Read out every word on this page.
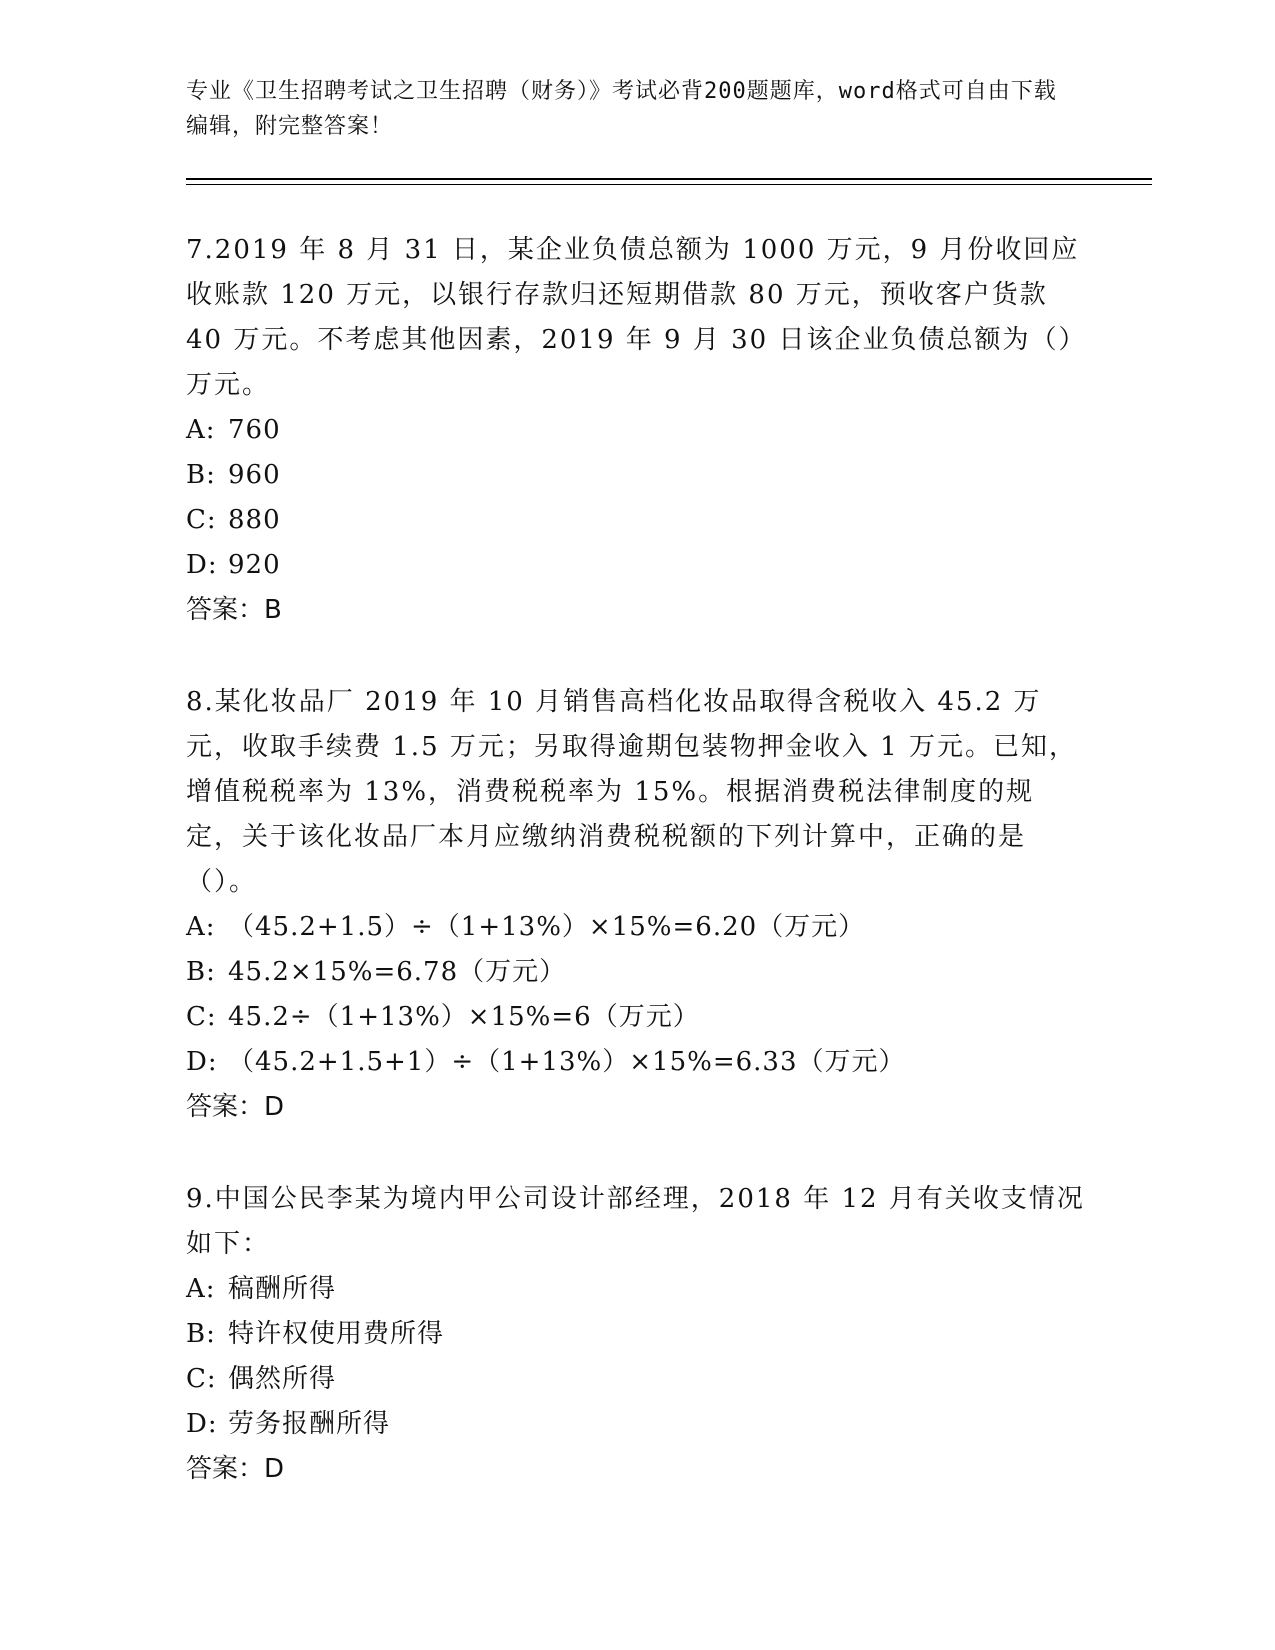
专业《卫生招聘考试之卫生招聘（财务）》考试必背200题题库，word格式可自由下载编辑，附完整答案！

7.2019 年 8 月 31 日，某企业负债总额为 1000 万元，9 月份收回应收账款 120 万元，以银行存款归还短期借款 80 万元，预收客户货款 40 万元。不考虑其他因素，2019 年 9 月 30 日该企业负债总额为（）万元。

A: 760

B: 960

C: 880

D: 920

答案：B

8.某化妆品厂 2019 年 10 月销售高档化妆品取得含税收入 45.2 万元，收取手续费 1.5 万元；另取得逾期包装物押金收入 1 万元。已知，增值税税率为 13%，消费税税率为 15%。根据消费税法律制度的规定，关于该化妆品厂本月应缴纳消费税税额的下列计算中，正确的是（）。

A: （45.2+1.5）÷（1+13%）×15%=6.20（万元）

B: 45.2×15%=6.78（万元）

C: 45.2÷（1+13%）×15%=6（万元）

D: （45.2+1.5+1）÷（1+13%）×15%=6.33（万元）

答案：D

9.中国公民李某为境内甲公司设计部经理，2018 年 12 月有关收支情况如下：

A: 稿酬所得

B: 特许权使用费所得

C: 偶然所得

D: 劳务报酬所得

答案：D
